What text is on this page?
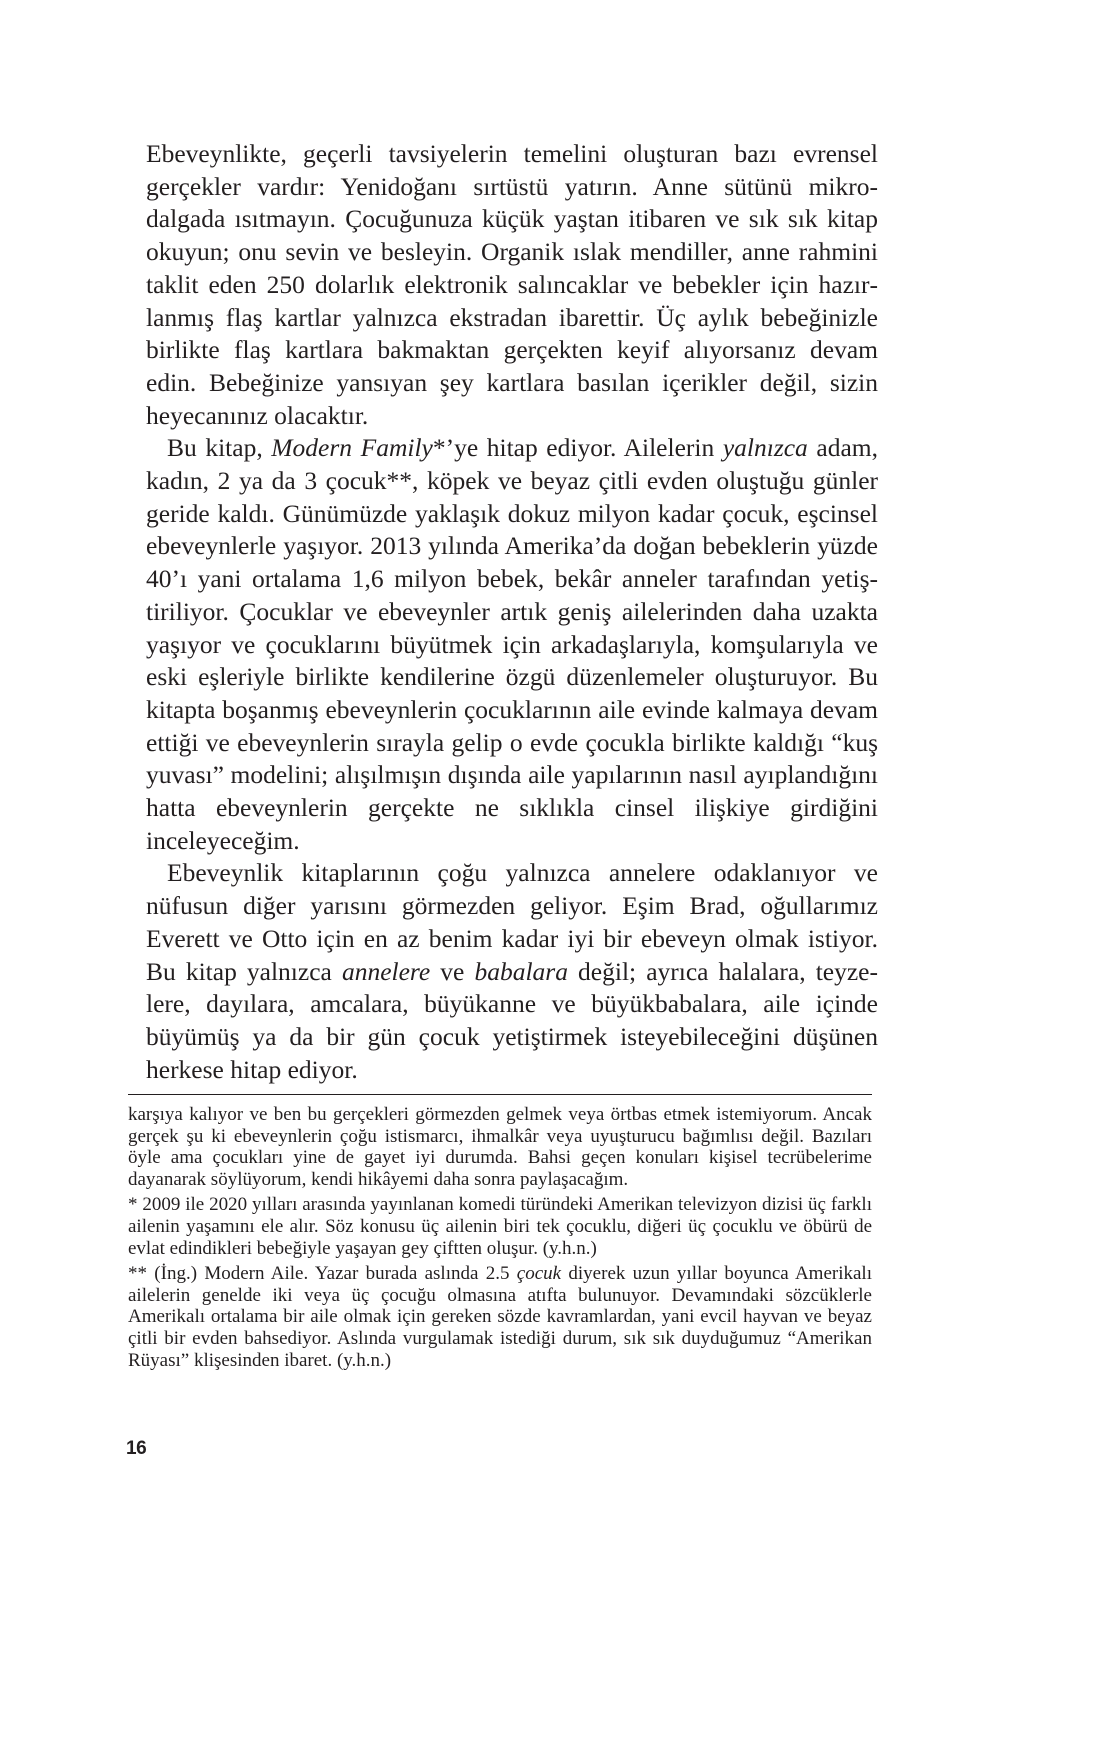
Ebeveynlikte, geçerli tavsiyelerin temelini oluşturan bazı evrensel gerçekler vardır: Yenidoğanı sırtüstü yatırın. Anne sütünü mikrodalgada ısıtmayın. Çocuğunuza küçük yaştan itibaren ve sık sık kitap okuyun; onu sevin ve besleyin. Organik ıslak mendiller, anne rahmini taklit eden 250 dolarlık elektronik salıncaklar ve bebekler için hazırlanmış flaş kartlar yalnızca ekstradan ibarettir. Üç aylık bebeğinizle birlikte flaş kartlara bakmaktan gerçekten keyif alıyorsanız devam edin. Bebeğinize yansıyan şey kartlara basılan içerikler değil, sizin heyecanınız olacaktır.

Bu kitap, Modern Family*’ye hitap ediyor. Ailelerin yalnızca adam, kadın, 2 ya da 3 çocuk**, köpek ve beyaz çitli evden oluştuğu günler geride kaldı. Günümüzde yaklaşık dokuz milyon kadar çocuk, eşcinsel ebeveynlerle yaşıyor. 2013 yılında Amerika’da doğan bebeklerin yüzde 40’ı yani ortalama 1,6 milyon bebek, bekâr anneler tarafından yetiştiriliyor. Çocuklar ve ebeveynler artık geniş ailelerinden daha uzakta yaşıyor ve çocuklarını büyütmek için arkadaşlarıyla, komşularıyla ve eski eşleriyle birlikte kendilerine özgü düzenlemeler oluşturuyor. Bu kitapta boşanmış ebeveynlerin çocuklarının aile evinde kalmaya devam ettiği ve ebeveynlerin sırayla gelip o evde çocukla birlikte kaldığı “kuş yuvası” modelini; alışılmışın dışında aile yapılarının nasıl ayıplandığını hatta ebeveynlerin gerçekte ne sıklıkla cinsel ilişkiye girdiğini inceleyeceğim.

Ebeveynlik kitaplarının çoğu yalnızca annelere odaklanıyor ve nüfusun diğer yarısını görmezden geliyor. Eşim Brad, oğullarımız Everett ve Otto için en az benim kadar iyi bir ebeveyn olmak istiyor. Bu kitap yalnızca annelere ve babalara değil; ayrıca halalara, teyzelere, dayılara, amcalara, büyükanne ve büyükbabalara, aile içinde büyümüş ya da bir gün çocuk yetiştirmek isteyebileceğini düşünen herkese hitap ediyor.

karşıya kalıyor ve ben bu gerçekleri görmezden gelmek veya örtbas etmek istemiyorum. Ancak gerçek şu ki ebeveynlerin çoğu istismarcı, ihmalkâr veya uyuşturucu bağımlısı değil. Bazıları öyle ama çocukları yine de gayet iyi durumda. Bahsi geçen konuları kişisel tecrübelerime dayanarak söylüyorum, kendi hikâyemi daha sonra paylaşacağım.

* 2009 ile 2020 yılları arasında yayınlanan komedi türündeki Amerikan televizyon dizisi üç farklı ailenin yaşamını ele alır. Söz konusu üç ailenin biri tek çocuklu, diğeri üç çocuklu ve öbürü de evlat edindikleri bebeğiyle yaşayan gey çiftten oluşur. (y.h.n.)

** (İng.) Modern Aile. Yazar burada aslında 2.5 çocuk diyerek uzun yıllar boyunca Amerikalı ailelerin genelde iki veya üç çocuğu olmasına atıfta bulunuyor. Devamındaki sözcüklerle Amerikalı ortalama bir aile olmak için gereken sözde kavramlardan, yani evcil hayvan ve beyaz çitli bir evden bahsediyor. Aslında vurgulamak istediği durum, sık sık duyduğumuz “Amerikan Rüyası” klişesinden ibaret. (y.h.n.)

16
